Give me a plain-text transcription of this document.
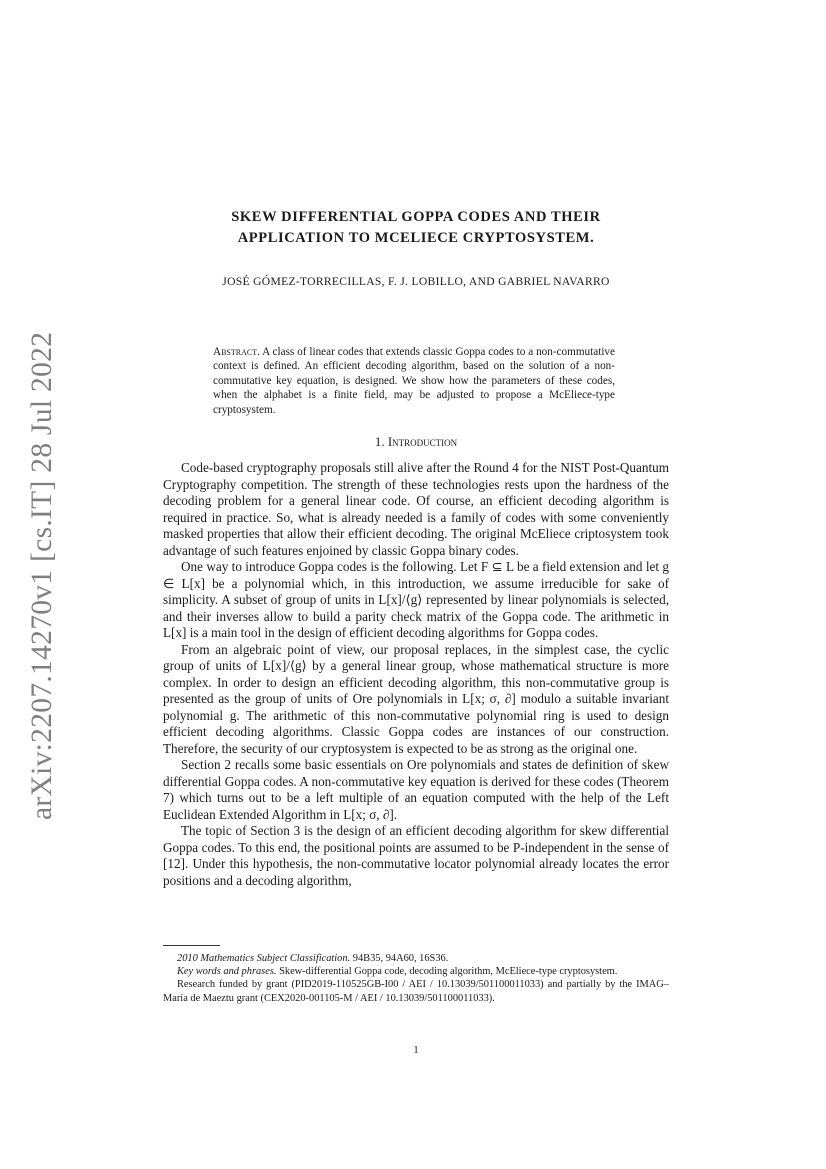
arXiv:2207.14270v1 [cs.IT] 28 Jul 2022
SKEW DIFFERENTIAL GOPPA CODES AND THEIR
APPLICATION TO MCELIECE CRYPTOSYSTEM.
JOSÉ GÓMEZ-TORRECILLAS, F. J. LOBILLO, AND GABRIEL NAVARRO
Abstract. A class of linear codes that extends classic Goppa codes to a non-commutative context is defined. An efficient decoding algorithm, based on the solution of a non-commutative key equation, is designed. We show how the parameters of these codes, when the alphabet is a finite field, may be adjusted to propose a McEliece-type cryptosystem.
1. Introduction

Code-based cryptography proposals still alive after the Round 4 for the NIST Post-Quantum Cryptography competition. The strength of these technologies rests upon the hardness of the decoding problem for a general linear code. Of course, an efficient decoding algorithm is required in practice. So, what is already needed is a family of codes with some conveniently masked properties that allow their efficient decoding. The original McEliece criptosystem took advantage of such features enjoined by classic Goppa binary codes.

One way to introduce Goppa codes is the following. Let F ⊆ L be a field extension and let g ∈ L[x] be a polynomial which, in this introduction, we assume irreducible for sake of simplicity. A subset of group of units in L[x]/⟨g⟩ represented by linear polynomials is selected, and their inverses allow to build a parity check matrix of the Goppa code. The arithmetic in L[x] is a main tool in the design of efficient decoding algorithms for Goppa codes.

From an algebraic point of view, our proposal replaces, in the simplest case, the cyclic group of units of L[x]/⟨g⟩ by a general linear group, whose mathematical structure is more complex. In order to design an efficient decoding algorithm, this non-commutative group is presented as the group of units of Ore polynomials in L[x; σ, ∂] modulo a suitable invariant polynomial g. The arithmetic of this non-commutative polynomial ring is used to design efficient decoding algorithms. Classic Goppa codes are instances of our construction. Therefore, the security of our cryptosystem is expected to be as strong as the original one.

Section 2 recalls some basic essentials on Ore polynomials and states de definition of skew differential Goppa codes. A non-commutative key equation is derived for these codes (Theorem 7) which turns out to be a left multiple of an equation computed with the help of the Left Euclidean Extended Algorithm in L[x; σ, ∂].

The topic of Section 3 is the design of an efficient decoding algorithm for skew differential Goppa codes. To this end, the positional points are assumed to be P-independent in the sense of [12]. Under this hypothesis, the non-commutative locator polynomial already locates the error positions and a decoding algorithm,

2010 Mathematics Subject Classification. 94B35, 94A60, 16S36.

Key words and phrases. Skew-differential Goppa code, decoding algorithm, McEliece-type cryptosystem.

Research funded by grant (PID2019-110525GB-I00 / AEI / 10.13039/501100011033) and partially by the IMAG–María de Maeztu grant (CEX2020-001105-M / AEI / 10.13039/501100011033).

1
